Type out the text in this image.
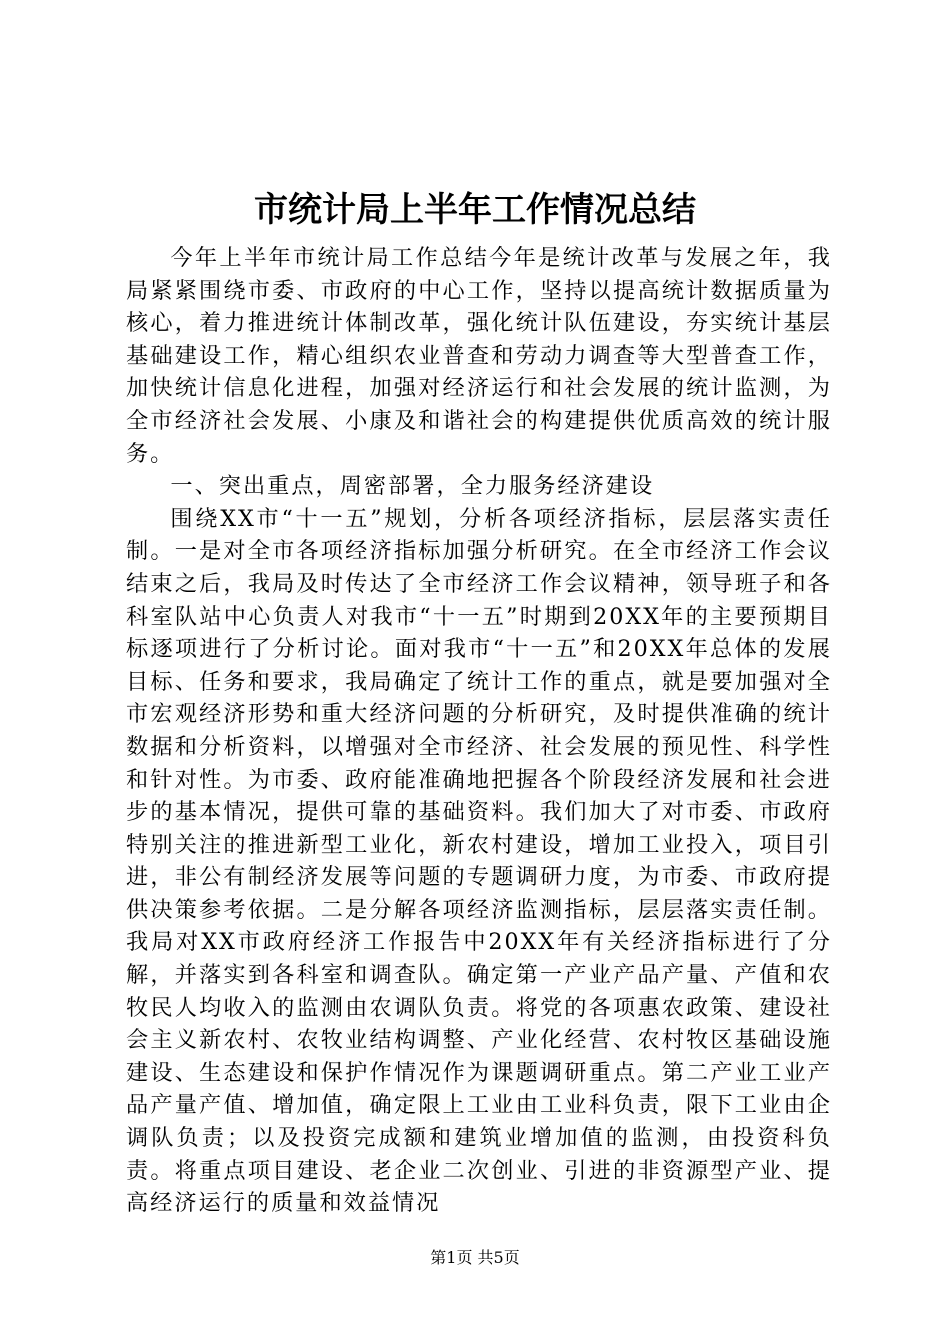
市统计局上半年工作情况总结

今年上半年市统计局工作总结今年是统计改革与发展之年，我局紧紧围绕市委、市政府的中心工作，坚持以提高统计数据质量为核心，着力推进统计体制改革，强化统计队伍建设，夯实统计基层基础建设工作，精心组织农业普查和劳动力调查等大型普查工作，加快统计信息化进程，加强对经济运行和社会发展的统计监测，为全市经济社会发展、小康及和谐社会的构建提供优质高效的统计服务。

一、突出重点，周密部署，全力服务经济建设

围绕XX市“十一五”规划，分析各项经济指标，层层落实责任制。一是对全市各项经济指标加强分析研究。在全市经济工作会议结束之后，我局及时传达了全市经济工作会议精神，领导班子和各科室队站中心负责人对我市“十一五”时期到20XX年的主要预期目标逐项进行了分析讨论。面对我市“十一五”和20XX年总体的发展目标、任务和要求，我局确定了统计工作的重点，就是要加强对全市宏观经济形势和重大经济问题的分析研究，及时提供准确的统计数据和分析资料，以增强对全市经济、社会发展的预见性、科学性和针对性。为市委、政府能准确地把握各个阶段经济发展和社会进步的基本情况，提供可靠的基础资料。我们加大了对市委、市政府特别关注的推进新型工业化，新农村建设，增加工业投入，项目引进，非公有制经济发展等问题的专题调研力度，为市委、市政府提供决策参考依据。二是分解各项经济监测指标，层层落实责任制。我局对XX市政府经济工作报告中20XX年有关经济指标进行了分解，并落实到各科室和调查队。确定第一产业产品产量、产值和农牧民人均收入的监测由农调队负责。将党的各项惠农政策、建设社会主义新农村、农牧业结构调整、产业化经营、农村牧区基础设施建设、生态建设和保护作情况作为课题调研重点。第二产业工业产品产量产值、增加值，确定限上工业由工业科负责，限下工业由企调队负责；以及投资完成额和建筑业增加值的监测，由投资科负责。将重点项目建设、老企业二次创业、引进的非资源型产业、提高经济运行的质量和效益情况

第1页 共5页
